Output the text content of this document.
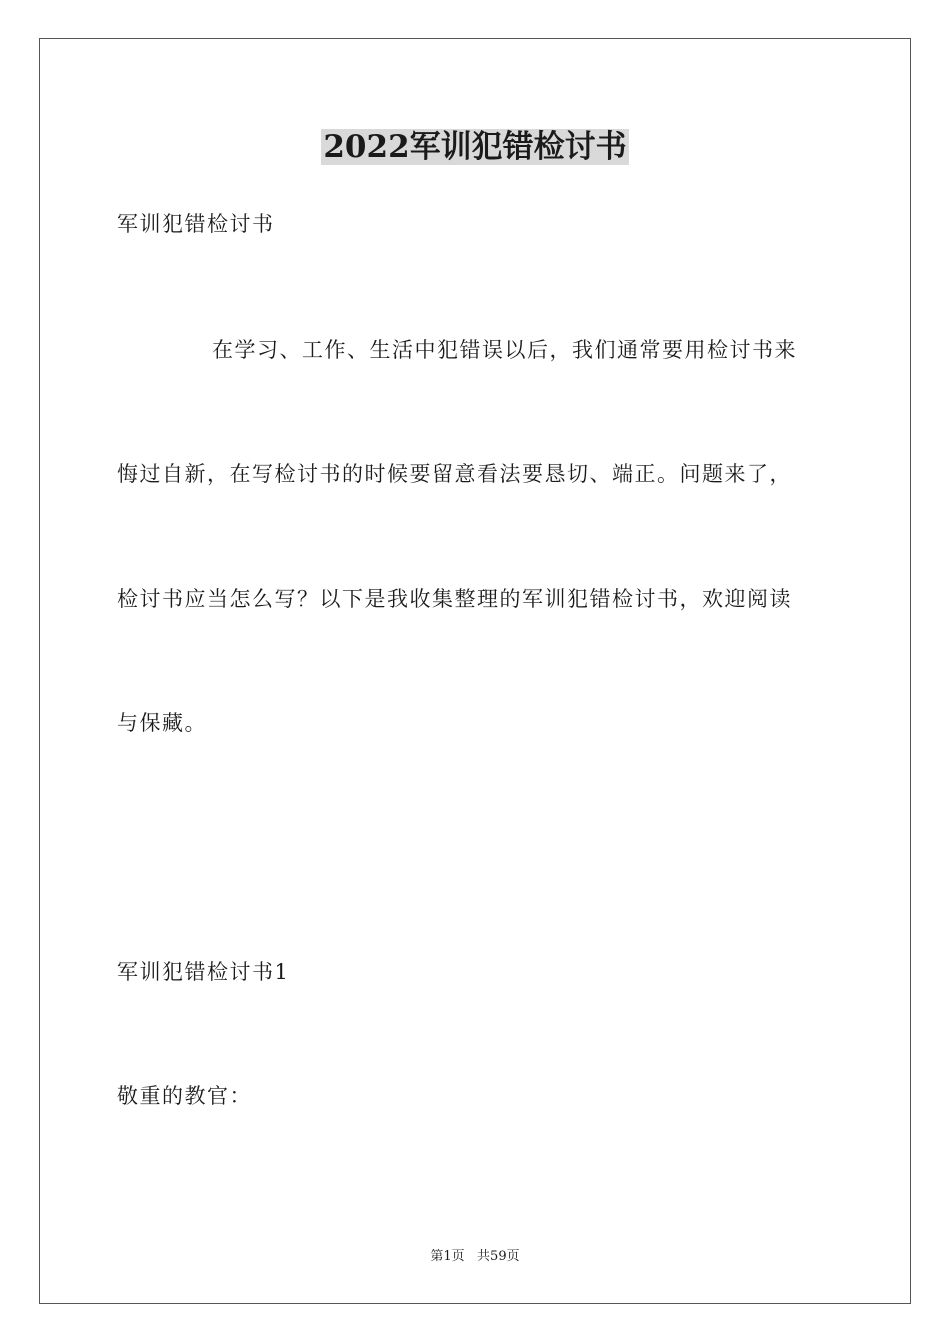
2022军训犯错检讨书

军训犯错检讨书

在学习、工作、生活中犯错误以后，我们通常要用检讨书来

悔过自新，在写检讨书的时候要留意看法要恳切、端正。问题来了，

检讨书应当怎么写？以下是我收集整理的军训犯错检讨书，欢迎阅读

与保藏。

军训犯错检讨书1

敬重的教官：

第1页   共59页
